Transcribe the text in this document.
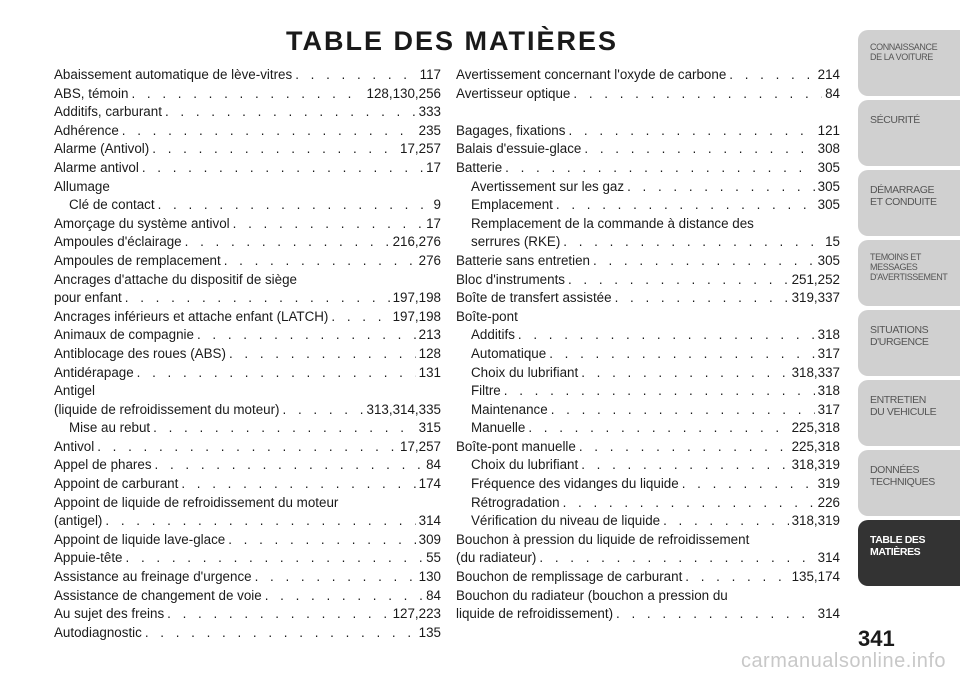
TABLE DES MATIÈRES
Abaissement automatique de lève-vitres . . .	117
ABS, témoin . . .	128,130,256
Additifs, carburant . . .	333
Adhérence . . .	235
Alarme (Antivol) . . .	17,257
Alarme antivol . . .	17
Allumage
Clé de contact . . .	9
Amorçage du système antivol . . .	17
Ampoules d'éclairage . . .	216,276
Ampoules de remplacement . . .	276
Ancrages d'attache du dispositif de siège
pour enfant . . .	197,198
Ancrages inférieurs et attache enfant (LATCH) . . .	197,198
Animaux de compagnie . . .	213
Antiblocage des roues (ABS) . . .	128
Antidérapage . . .	131
Antigel
(liquide de refroidissement du moteur) . . .	313,314,335
Mise au rebut . . .	315
Antivol . . .	17,257
Appel de phares . . .	84
Appoint de carburant . . .	174
Appoint de liquide de refroidissement du moteur
(antigel) . . .	314
Appoint de liquide lave-glace . . .	309
Appuie-tête . . .	55
Assistance au freinage d'urgence . . .	130
Assistance de changement de voie . . .	84
Au sujet des freins . . .	127,223
Autodiagnostic . . .	135
Avertissement concernant l'oxyde de carbone . . .	214
Avertisseur optique . . .	84
Bagages, fixations . . .	121
Balais d'essuie-glace . . .	308
Batterie . . .	305
Avertissement sur les gaz . . .	305
Emplacement . . .	305
Remplacement de la commande à distance des
serrures (RKE) . . .	15
Batterie sans entretien . . .	305
Bloc d'instruments . . .	251,252
Boîte de transfert assistée . . .	319,337
Boîte-pont
Additifs . . .	318
Automatique . . .	317
Choix du lubrifiant . . .	318,337
Filtre . . .	318
Maintenance . . .	317
Manuelle . . .	225,318
Boîte-pont manuelle . . .	225,318
Choix du lubrifiant . . .	318,319
Fréquence des vidanges du liquide . . .	319
Rétrogradation . . .	226
Vérification du niveau de liquide . . .	318,319
Bouchon à pression du liquide de refroidissement
(du radiateur) . . .	314
Bouchon de remplissage de carburant . . .	135,174
Bouchon du radiateur (bouchon a pression du
liquide de refroidissement) . . .	314
CONNAISSANCE
DE LA VOITURE
SÉCURITÉ
DÉMARRAGE
ET CONDUITE
TEMOINS ET
MESSAGES
D'AVERTISSEMENT
SITUATIONS
D'URGENCE
ENTRETIEN
DU VEHICULE
DONNÉES
TECHNIQUES
TABLE DES
MATIÈRES
341
carmanualsonline.info
